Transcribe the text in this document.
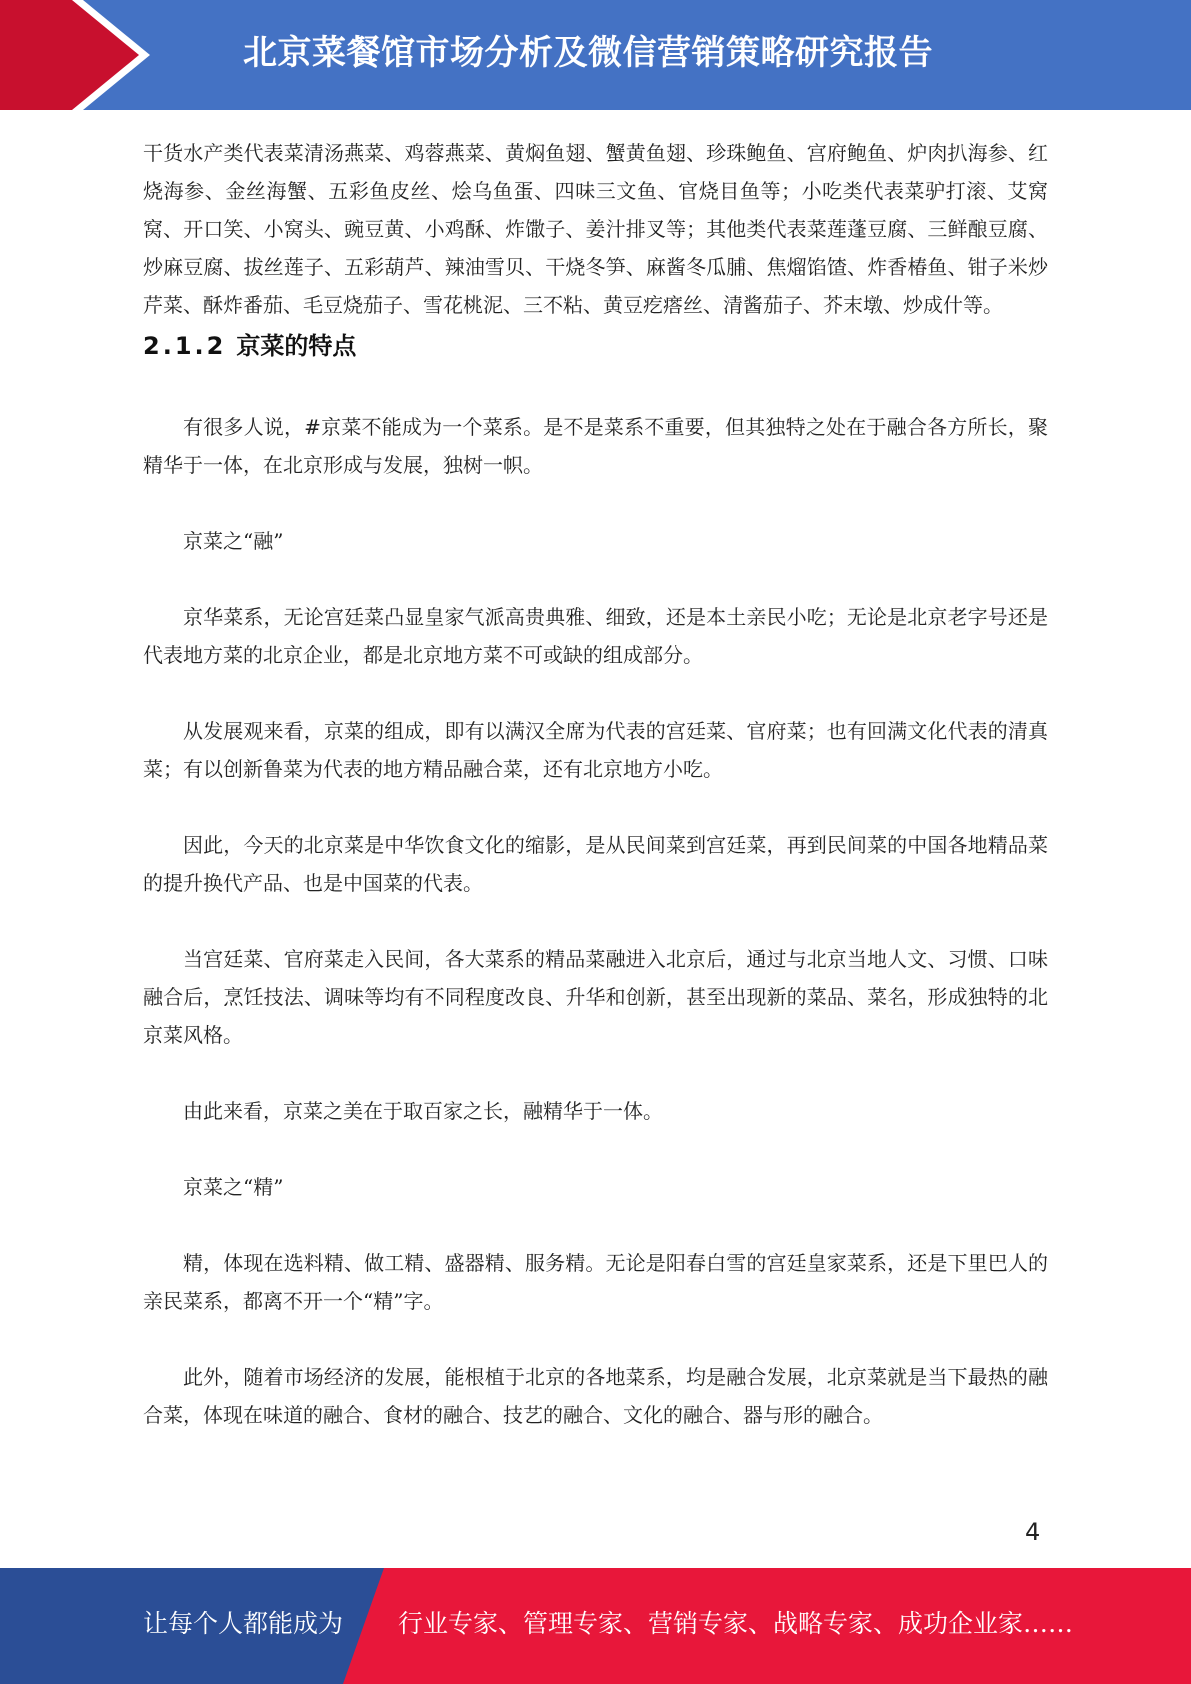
北京菜餐馆市场分析及微信营销策略研究报告

干货水产类代表菜清汤燕菜、鸡蓉燕菜、黄焖鱼翅、蟹黄鱼翅、珍珠鲍鱼、宫府鲍鱼、炉肉扒海参、红烧海参、金丝海蟹、五彩鱼皮丝、烩乌鱼蛋、四味三文鱼、官烧目鱼等；小吃类代表菜驴打滚、艾窝窝、开口笑、小窝头、豌豆黄、小鸡酥、炸馓子、姜汁排叉等；其他类代表菜莲蓬豆腐、三鲜酿豆腐、炒麻豆腐、拔丝莲子、五彩葫芦、辣油雪贝、干烧冬笋、麻酱冬瓜脯、焦熘馅馇、炸香椿鱼、钳子米炒芹菜、酥炸番茄、毛豆烧茄子、雪花桃泥、三不粘、黄豆疙瘩丝、清酱茄子、芥末墩、炒成什等。

2.1.2 京菜的特点

有很多人说，#京菜不能成为一个菜系。是不是菜系不重要，但其独特之处在于融合各方所长，聚精华于一体，在北京形成与发展，独树一帜。

京菜之“融”

京华菜系，无论宫廷菜凸显皇家气派高贵典雅、细致，还是本土亲民小吃；无论是北京老字号还是代表地方菜的北京企业，都是北京地方菜不可或缺的组成部分。

从发展观来看，京菜的组成，即有以满汉全席为代表的宫廷菜、官府菜；也有回满文化代表的清真菜；有以创新鲁菜为代表的地方精品融合菜，还有北京地方小吃。

因此，今天的北京菜是中华饮食文化的缩影，是从民间菜到宫廷菜，再到民间菜的中国各地精品菜的提升换代产品、也是中国菜的代表。

当宫廷菜、官府菜走入民间，各大菜系的精品菜融进入北京后，通过与北京当地人文、习惯、口味融合后，烹饪技法、调味等均有不同程度改良、升华和创新，甚至出现新的菜品、菜名，形成独特的北京菜风格。

由此来看，京菜之美在于取百家之长，融精华于一体。

京菜之“精”

精，体现在选料精、做工精、盛器精、服务精。无论是阳春白雪的宫廷皇家菜系，还是下里巴人的亲民菜系，都离不开一个“精”字。

此外，随着市场经济的发展，能根植于北京的各地菜系，均是融合发展，北京菜就是当下最热的融合菜，体现在味道的融合、食材的融合、技艺的融合、文化的融合、器与形的融合。

4
让每个人都能成为 行业专家、管理专家、营销专家、战略专家、成功企业家……
